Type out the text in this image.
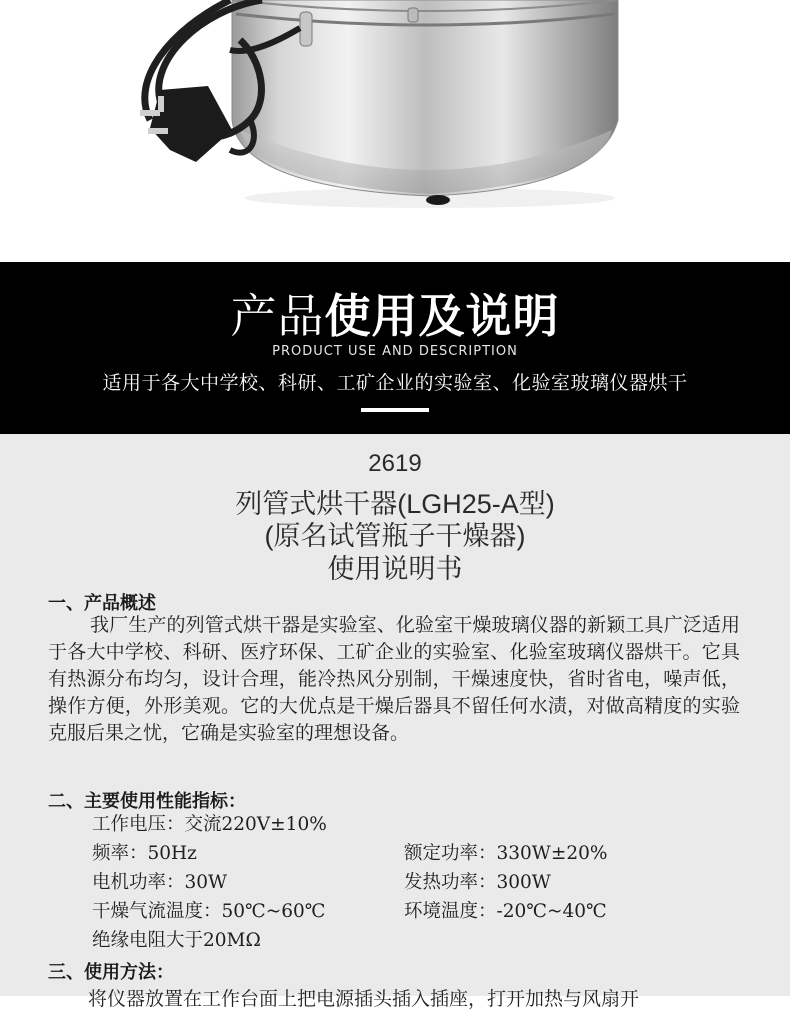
产品使用及说明
PRODUCT USE AND DESCRIPTION
适用于各大中学校、科研、工矿企业的实验室、化验室玻璃仪器烘干
2619
列管式烘干器(LGH25-A型)
(原名试管瓶子干燥器)
使用说明书
一、产品概述
我厂生产的列管式烘干器是实验室、化验室干燥玻璃仪器的新颖工具广泛适用于各大中学校、科研、医疗环保、工矿企业的实验室、化验室玻璃仪器烘干。它具有热源分布均匀，设计合理，能冷热风分别制，干燥速度快，省时省电，噪声低，操作方便，外形美观。它的大优点是干燥后器具不留任何水渍，对做高精度的实验克服后果之忧，它确是实验室的理想设备。
二、主要使用性能指标：
工作电压：交流220V±10%
频率：50Hz	额定功率：330W±20%
电机功率：30W	发热功率：300W
干燥气流温度：50℃~60℃	环境温度：-20℃~40℃
绝缘电阻大于20MΩ
三、使用方法：
将仪器放置在工作台面上把电源插头插入插座，打开加热与风扇开
